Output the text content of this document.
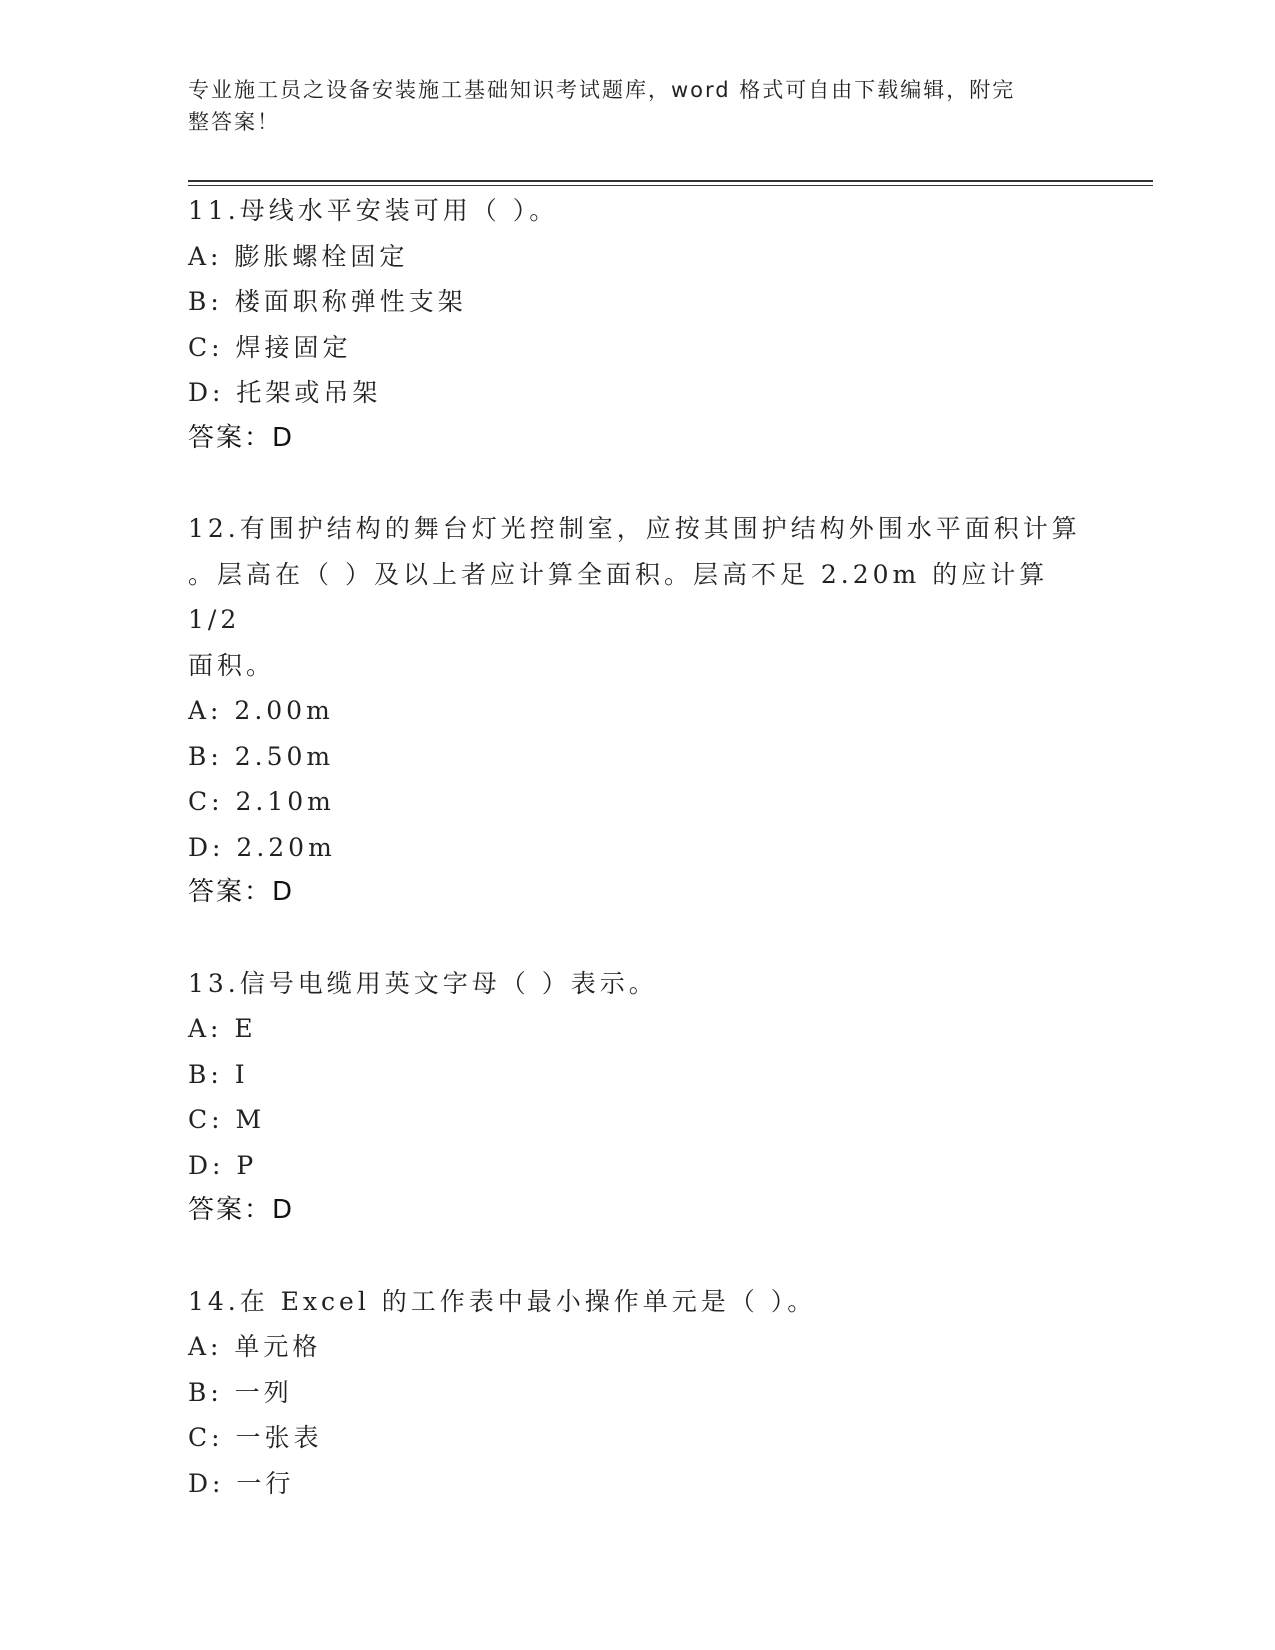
专业施工员之设备安装施工基础知识考试题库，word 格式可自由下载编辑，附完
整答案！
11.母线水平安装可用（ ）。
A: 膨胀螺栓固定
B: 楼面职称弹性支架
C: 焊接固定
D: 托架或吊架
答案：D
12.有围护结构的舞台灯光控制室，应按其围护结构外围水平面积计算
。层高在（ ）及以上者应计算全面积。层高不足 2.20m 的应计算 1/2
面积。
A: 2.00m
B: 2.50m
C: 2.10m
D: 2.20m
答案：D
13.信号电缆用英文字母（ ）表示。
A: E
B: I
C: M
D: P
答案：D
14.在 Excel 的工作表中最小操作单元是（ ）。
A: 单元格
B: 一列
C: 一张表
D: 一行
